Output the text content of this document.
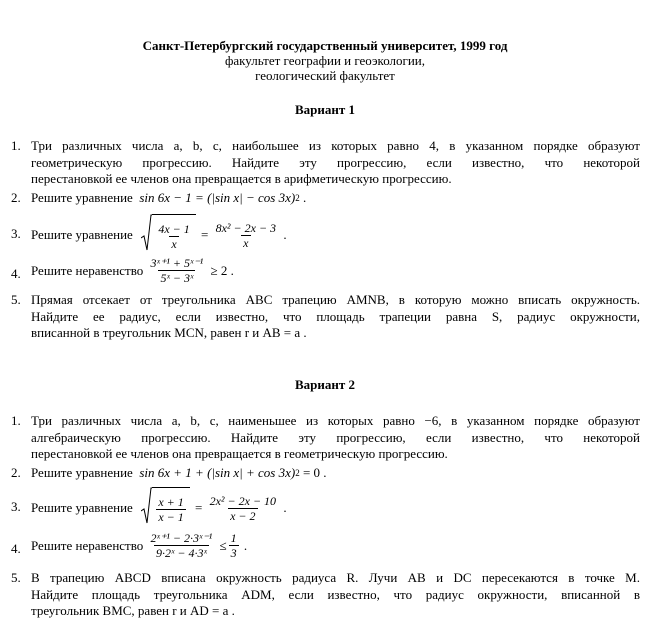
Санкт-Петербургский государственный университет, 1999 год
факультет географии и геоэкологии,
геологический факультет
Вариант 1
1. Три различных числа a, b, c, наибольшее из которых равно 4, в указанном порядке образуют
геометрическую прогрессию. Найдите эту прогрессию, если известно, что некоторой
перестановкой ее членов она превращается в арифметическую прогрессию.
2. Решите уравнение
sin 6x − 1 = (|sin x| − cos 3x) 2
.
3. Решите уравнение
$\frac{4x - 1}{x} = \frac{\text{8x² − 2x − 3}}{x}$
.
4. Решите неравенство
$\frac{\text{3ˣ⁺¹ + 5ˣ⁻¹}}{\text{5ˣ − 3ˣ}}$
≥ 2
.
5. Прямая отсекает от треугольника ABC трапецию AMNB, в которую можно вписать окружность.
Найдите ее радиус, если известно, что площадь трапеции равна S, радиус окружности,
вписанной в треугольник MCN, равен r и AB = a .
Вариант 2
1. Три различных числа a, b, c, наименьшее из которых равно −6, в указанном порядке образуют
алгебраическую прогрессию. Найдите эту прогрессию, если известно, что некоторой
перестановкой ее членов она превращается в геометрическую прогрессию.
2. Решите уравнение
sin 6x + 1 + (|sin x| + cos 3x) 2
= 0 .
3. Решите уравнение
$\frac{x + 1}{x - 1} = \frac{\text{2x² − 2x − 10}}{x - 2}$
.
4. Решите неравенство
$\frac{\text{2ˣ⁺¹ − 2·3ˣ⁻¹}}{\text{9·2ˣ − 4·3ˣ}}$
≤ $\frac{1}{3}$
.
5. В трапецию ABCD вписана окружность радиуса R. Лучи AB и DC пересекаются в точке M.
Найдите площадь треугольника ADM, если известно, что радиус окружности, вписанной в
треугольник BMC, равен r и AD = a .
